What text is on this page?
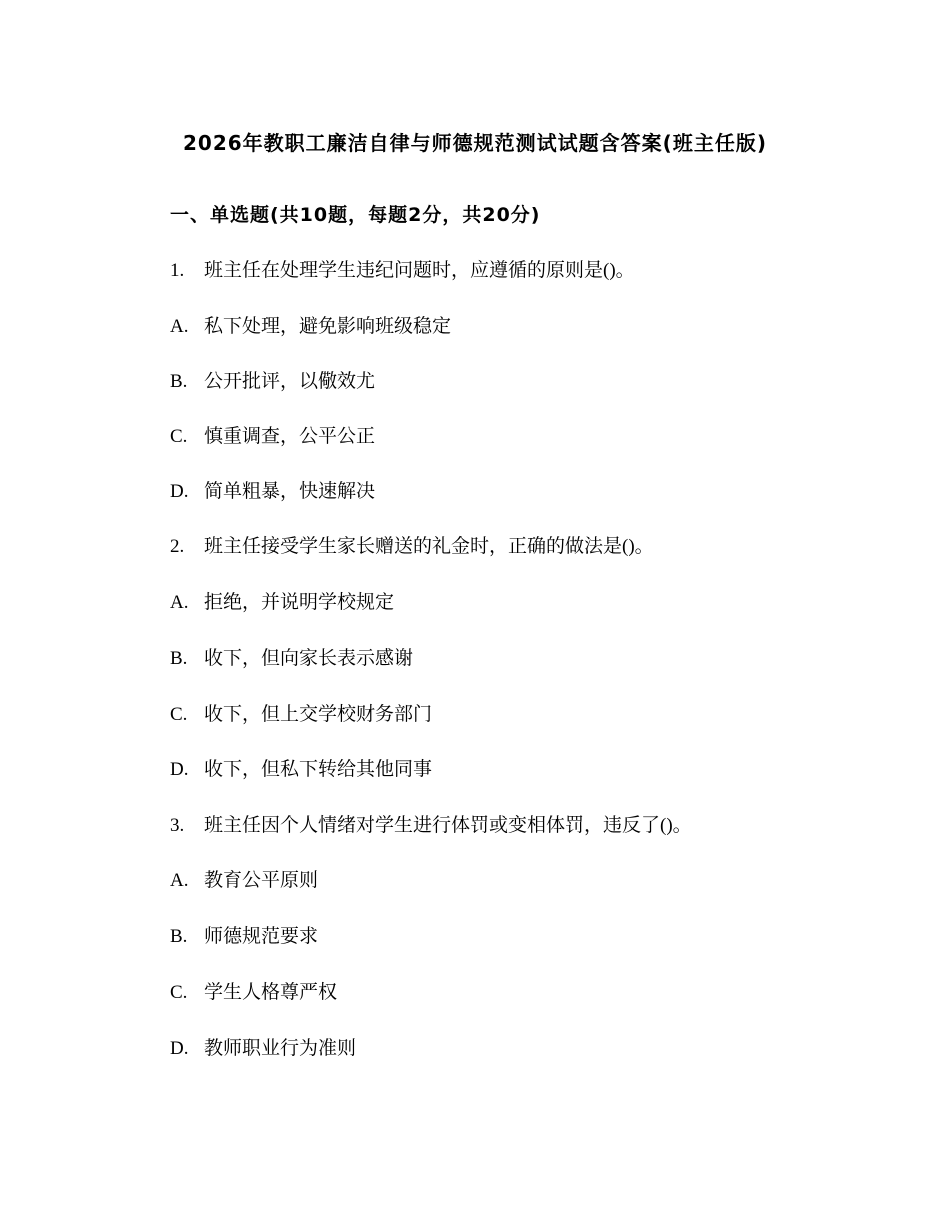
2026年教职工廉洁自律与师德规范测试试题含答案(班主任版)
一、单选题(共10题，每题2分，共20分)
1. 班主任在处理学生违纪问题时，应遵循的原则是()。
A. 私下处理，避免影响班级稳定
B. 公开批评，以儆效尤
C. 慎重调查，公平公正
D. 简单粗暴，快速解决
2. 班主任接受学生家长赠送的礼金时，正确的做法是()。
A. 拒绝，并说明学校规定
B. 收下，但向家长表示感谢
C. 收下，但上交学校财务部门
D. 收下，但私下转给其他同事
3. 班主任因个人情绪对学生进行体罚或变相体罚，违反了()。
A. 教育公平原则
B. 师德规范要求
C. 学生人格尊严权
D. 教师职业行为准则
